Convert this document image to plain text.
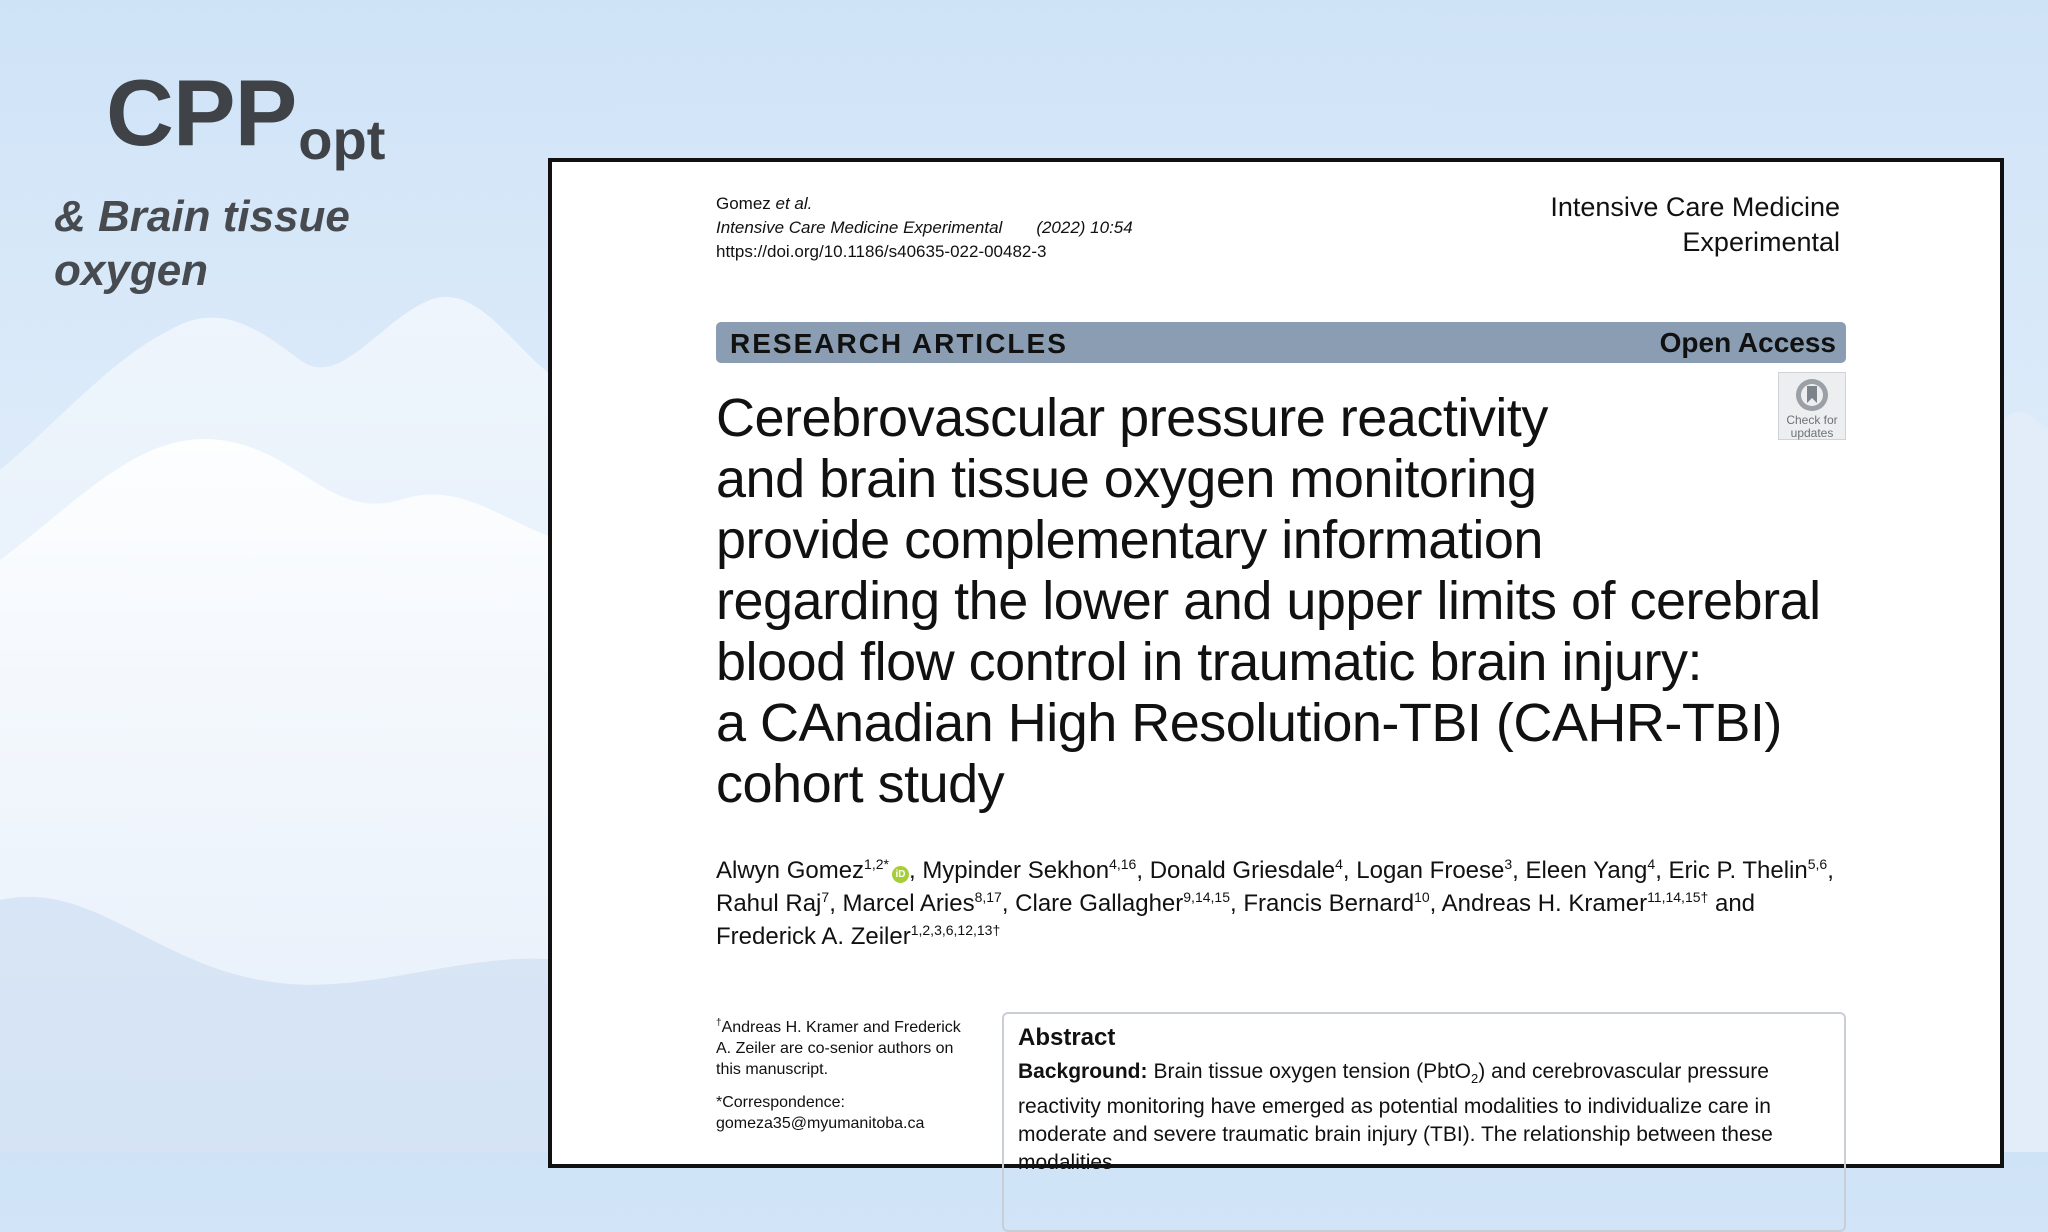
$CPP_{opt}$

& Brain tissue oxygen

Gomez et al.
Intensive Care Medicine Experimental (2022) 10:54
https://doi.org/10.1186/s40635-022-00482-3
Intensive Care Medicine
Experimental
RESEARCH ARTICLES	Open Access
Check for
updates
Cerebrovascular pressure reactivity
and brain tissue oxygen monitoring
provide complementary information
regarding the lower and upper limits of cerebral
blood flow control in traumatic brain injury:
a CAnadian High Resolution-TBI (CAHR-TBI)
cohort study

Alwyn Gomez$^{1,2*}$iD , Mypinder Sekhon$^{4,16}$, Donald Griesdale$^4$, Logan Froese$^3$, Eleen Yang$^4$, Eric P. Thelin$^{5,6}$, Rahul Raj$^7$, Marcel Aries$^{8,17}$, Clare Gallagher$^{9,14,15}$, Francis Bernard$^{10}$, Andreas H. Kramer$^{11,14,15\dagger}$ and Frederick A. Zeiler$^{1,2,3,6,12,13\dagger}$

†Andreas H. Kramer and Frederick A. Zeiler are co-senior authors on this manuscript.

*Correspondence:
gomeza35@myumanitoba.ca

Abstract

Background: Brain tissue oxygen tension (PbtO$_2$) and cerebrovascular pressure reactivity monitoring have emerged as potential modalities to individualize care in moderate and severe traumatic brain injury (TBI). The relationship between these modalities
